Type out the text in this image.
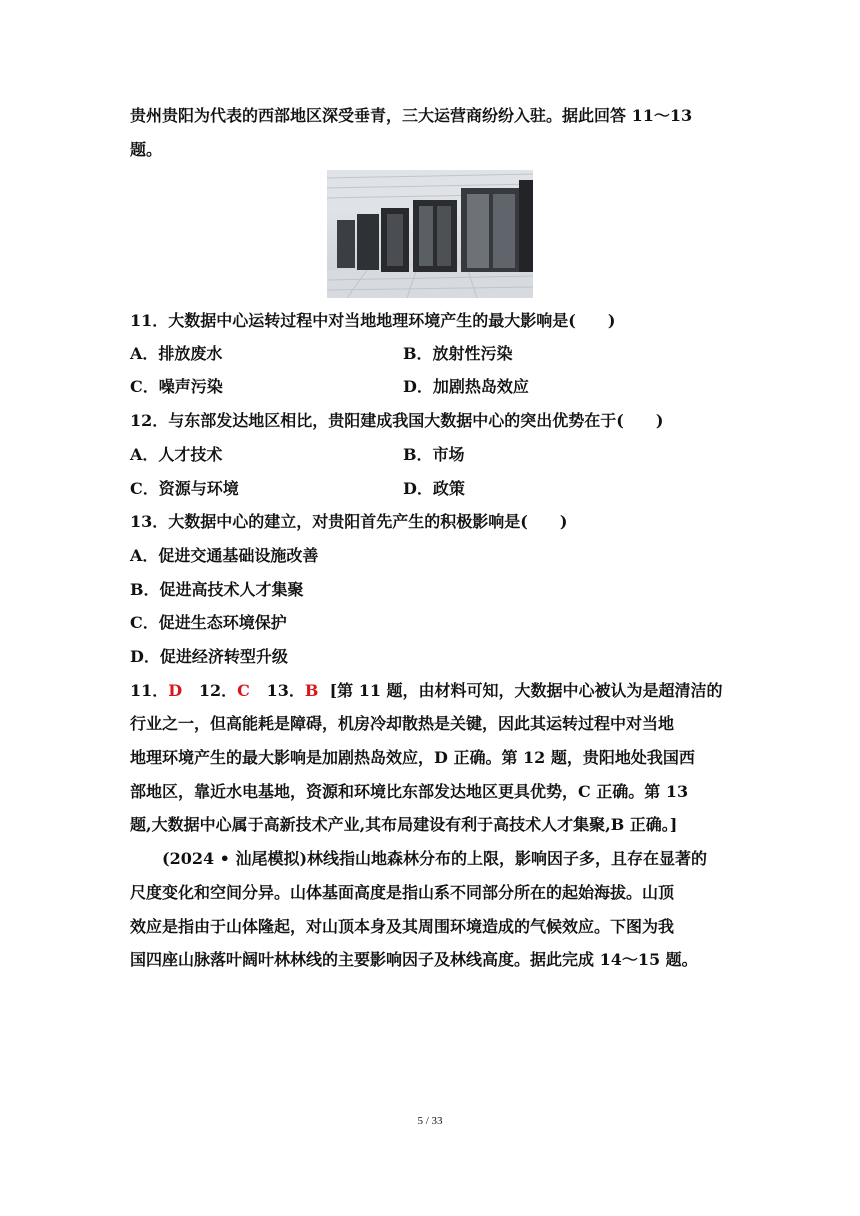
贵州贵阳为代表的西部地区深受垂青，三大运营商纷纷入驻。据此回答 11～13
题。
11．大数据中心运转过程中对当地地理环境产生的最大影响是(　　)
A．排放废水	B．放射性污染
C．噪声污染	D．加剧热岛效应
12．与东部发达地区相比，贵阳建成我国大数据中心的突出优势在于(　　)
A．人才技术	B．市场
C．资源与环境	D．政策
13．大数据中心的建立，对贵阳首先产生的积极影响是(　　)
A．促进交通基础设施改善
B．促进高技术人才集聚
C．促进生态环境保护
D．促进经济转型升级
11．D 12．C 13．B [第 11 题，由材料可知，大数据中心被认为是超清洁的
行业之一，但高能耗是障碍，机房冷却散热是关键，因此其运转过程中对当地
地理环境产生的最大影响是加剧热岛效应，D 正确。第 12 题，贵阳地处我国西
部地区，靠近水电基地，资源和环境比东部发达地区更具优势，C 正确。第 13
题,大数据中心属于高新技术产业,其布局建设有利于高技术人才集聚,B 正确。]
(2024 • 汕尾模拟)林线指山地森林分布的上限，影响因子多，且存在显著的
尺度变化和空间分异。山体基面高度是指山系不同部分所在的起始海拔。山顶
效应是指由于山体隆起，对山顶本身及其周围环境造成的气候效应。下图为我
国四座山脉落叶阔叶林林线的主要影响因子及林线高度。据此完成 14～15 题。
5 / 33
